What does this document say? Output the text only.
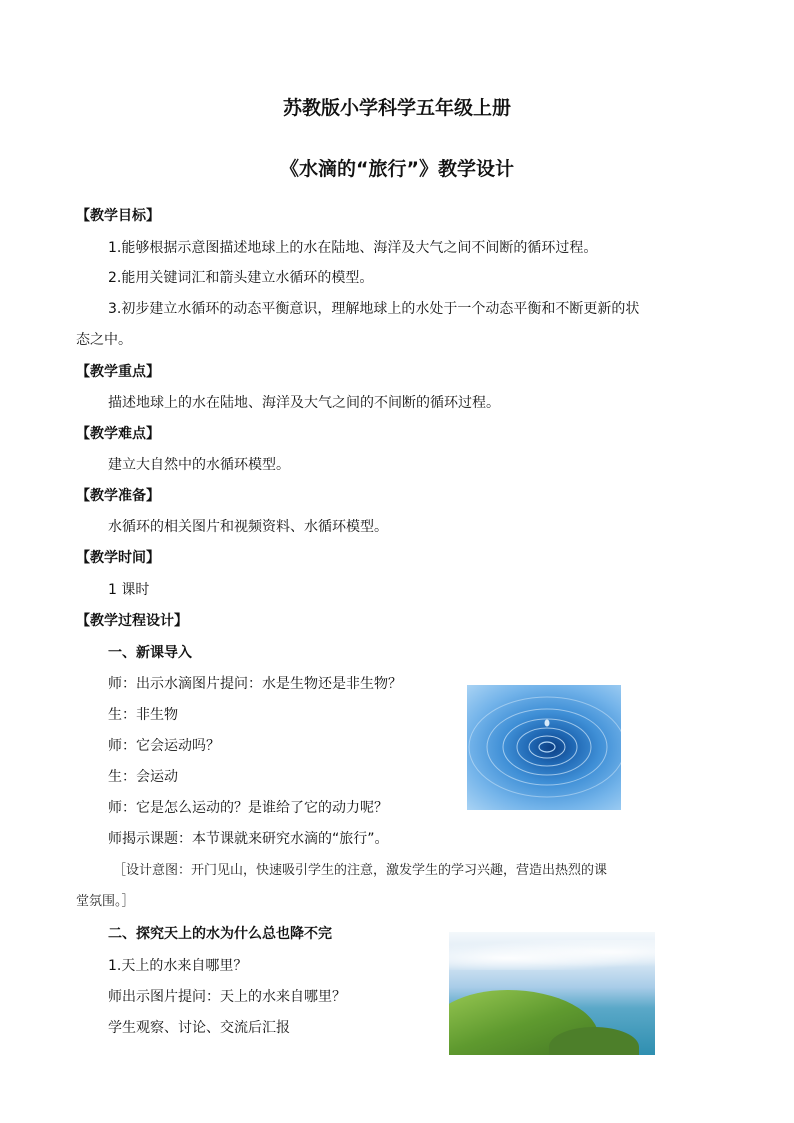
苏教版小学科学五年级上册
《水滴的“旅行”》教学设计
【教学目标】
1.能够根据示意图描述地球上的水在陆地、海洋及大气之间不间断的循环过程。
2.能用关键词汇和箭头建立水循环的模型。
3.初步建立水循环的动态平衡意识，理解地球上的水处于一个动态平衡和不断更新的状
态之中。
【教学重点】
描述地球上的水在陆地、海洋及大气之间的不间断的循环过程。
【教学难点】
建立大自然中的水循环模型。
【教学准备】
水循环的相关图片和视频资料、水循环模型。
【教学时间】
1 课时
【教学过程设计】
一、新课导入
师：出示水滴图片提问：水是生物还是非生物？
生：非生物
师：它会运动吗？
生：会运动
师：它是怎么运动的？是谁给了它的动力呢？
师揭示课题：本节课就来研究水滴的“旅行”。
［设计意图：开门见山，快速吸引学生的注意，激发学生的学习兴趣，营造出热烈的课
堂氛围。］
二、探究天上的水为什么总也降不完
1.天上的水来自哪里？
师出示图片提问：天上的水来自哪里？
学生观察、讨论、交流后汇报
